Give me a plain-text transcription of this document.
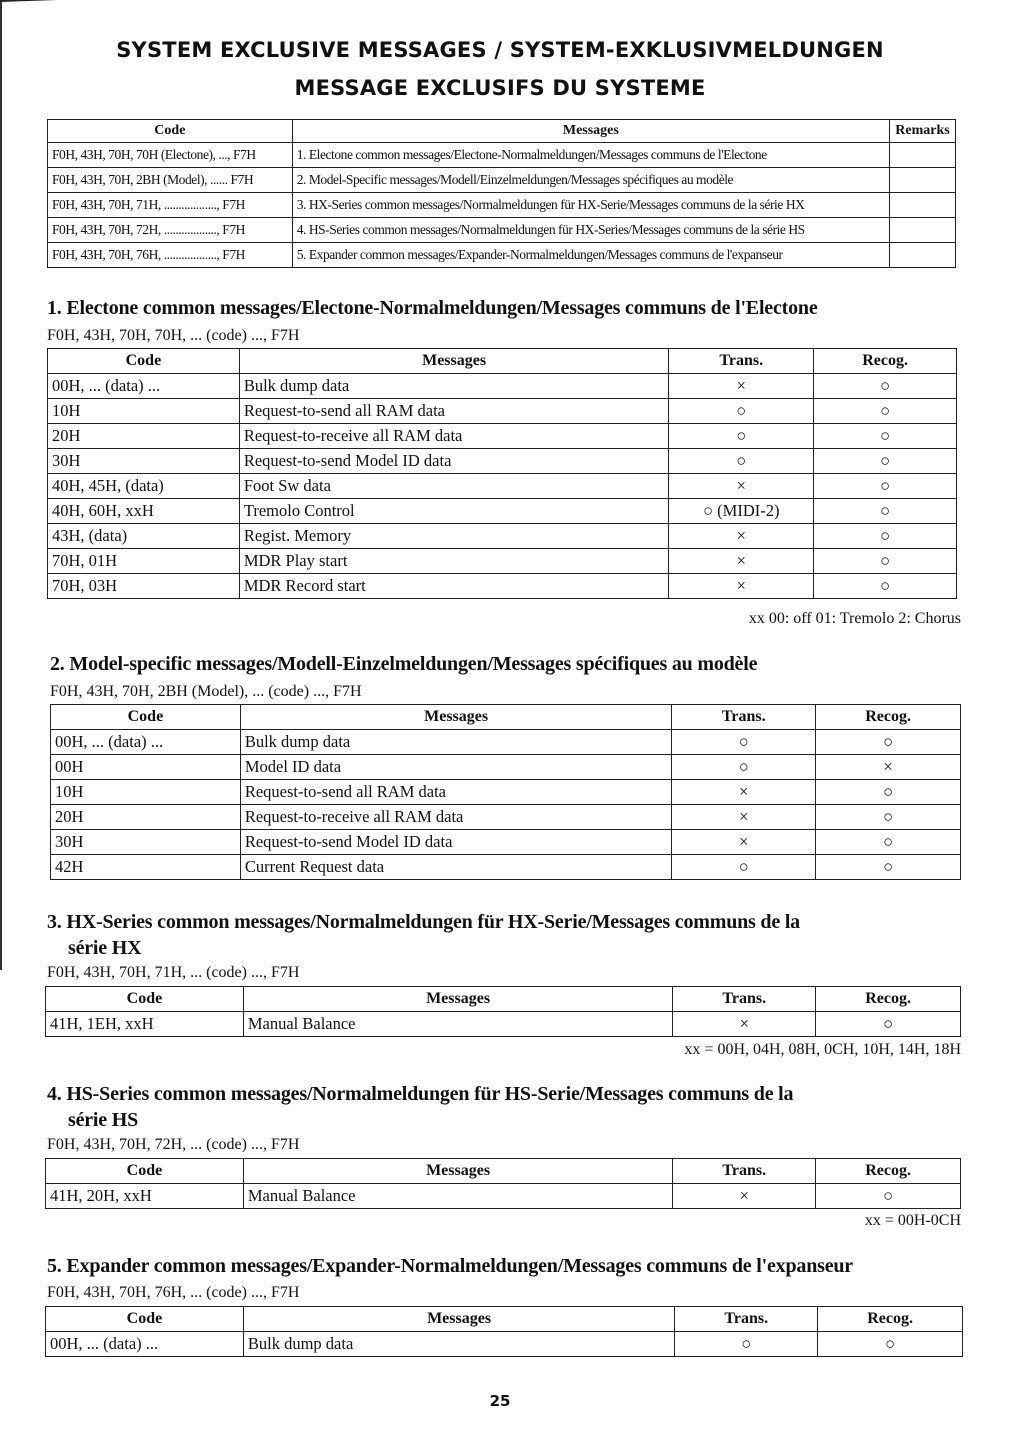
SYSTEM EXCLUSIVE MESSAGES / SYSTEM-EXKLUSIVMELDUNGEN
MESSAGE EXCLUSIFS DU SYSTEME
Code	Messages	Remarks
F0H, 43H, 70H, 70H (Electone), ..., F7H	1. Electone common messages/Electone-Normalmeldungen/Messages communs de l'Electone	
F0H, 43H, 70H, 2BH (Model), ...... F7H	2. Model-Specific messages/Modell/Einzelmeldungen/Messages spécifiques au modèle	
F0H, 43H, 70H, 71H, .................., F7H	3. HX-Series common messages/Normalmeldungen für HX-Serie/Messages communs de la série HX	
F0H, 43H, 70H, 72H, .................., F7H	4. HS-Series common messages/Normalmeldungen für HX-Series/Messages communs de la série HS	
F0H, 43H, 70H, 76H, .................., F7H	5. Expander common messages/Expander-Normalmeldungen/Messages communs de l'expanseur	
1. Electone common messages/Electone-Normalmeldungen/Messages communs de l'Electone
F0H, 43H, 70H, 70H, ... (code) ..., F7H
Code	Messages	Trans.	Recog.
00H, ... (data) ...	Bulk dump data	×	○
10H	Request-to-send all RAM data	○	○
20H	Request-to-receive all RAM data	○	○
30H	Request-to-send Model ID data	○	○
40H, 45H, (data)	Foot Sw data	×	○
40H, 60H, xxH	Tremolo Control	○ (MIDI-2)	○
43H, (data)	Regist. Memory	×	○
70H, 01H	MDR Play start	×	○
70H, 03H	MDR Record start	×	○
xx 00: off 01: Tremolo 2: Chorus
2. Model-specific messages/Modell-Einzelmeldungen/Messages spécifiques au modèle
F0H, 43H, 70H, 2BH (Model), ... (code) ..., F7H
Code	Messages	Trans.	Recog.
00H, ... (data) ...	Bulk dump data	○	○
00H	Model ID data	○	×
10H	Request-to-send all RAM data	×	○
20H	Request-to-receive all RAM data	×	○
30H	Request-to-send Model ID data	×	○
42H	Current Request data	○	○
3. HX-Series common messages/Normalmeldungen für HX-Serie/Messages communs de la
série HX
F0H, 43H, 70H, 71H, ... (code) ..., F7H
Code	Messages	Trans.	Recog.
41H, 1EH, xxH	Manual Balance	×	○
xx = 00H, 04H, 08H, 0CH, 10H, 14H, 18H
4. HS-Series common messages/Normalmeldungen für HS-Serie/Messages communs de la
série HS
F0H, 43H, 70H, 72H, ... (code) ..., F7H
Code	Messages	Trans.	Recog.
41H, 20H, xxH	Manual Balance	×	○
xx = 00H-0CH
5. Expander common messages/Expander-Normalmeldungen/Messages communs de l'expanseur
F0H, 43H, 70H, 76H, ... (code) ..., F7H
Code	Messages	Trans.	Recog.
00H, ... (data) ...	Bulk dump data	○	○
25
